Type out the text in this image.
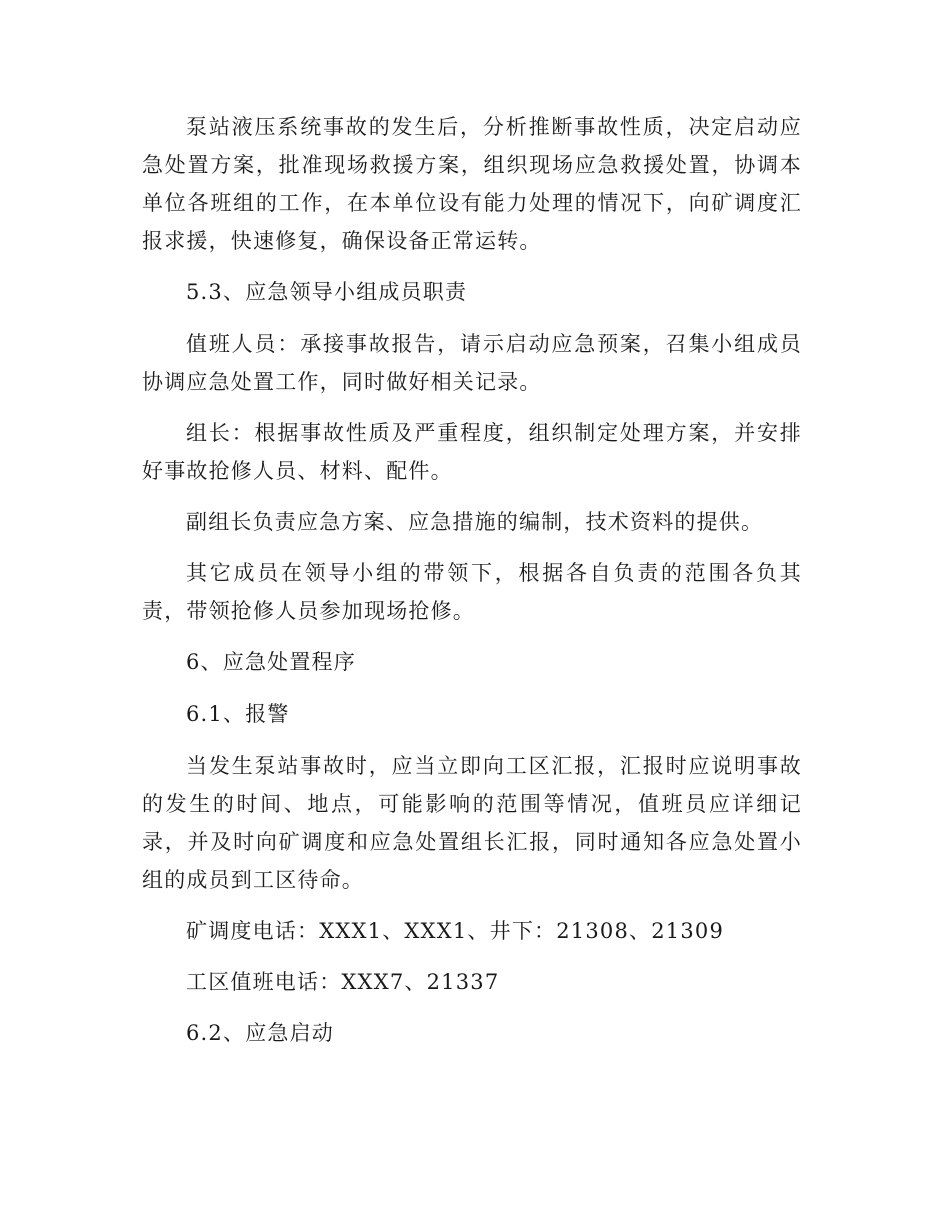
泵站液压系统事故的发生后，分析推断事故性质，决定启动应急处置方案，批准现场救援方案，组织现场应急救援处置，协调本单位各班组的工作，在本单位设有能力处理的情况下，向矿调度汇报求援，快速修复，确保设备正常运转。

5.3、应急领导小组成员职责

值班人员：承接事故报告，请示启动应急预案，召集小组成员协调应急处置工作，同时做好相关记录。

组长：根据事故性质及严重程度，组织制定处理方案，并安排好事故抢修人员、材料、配件。

副组长负责应急方案、应急措施的编制，技术资料的提供。

其它成员在领导小组的带领下，根据各自负责的范围各负其责，带领抢修人员参加现场抢修。

6、应急处置程序

6.1、报警

当发生泵站事故时，应当立即向工区汇报，汇报时应说明事故的发生的时间、地点，可能影响的范围等情况，值班员应详细记录，并及时向矿调度和应急处置组长汇报，同时通知各应急处置小组的成员到工区待命。

矿调度电话：XXX1、XXX1、井下：21308、21309

工区值班电话：XXX7、21337

6.2、应急启动
